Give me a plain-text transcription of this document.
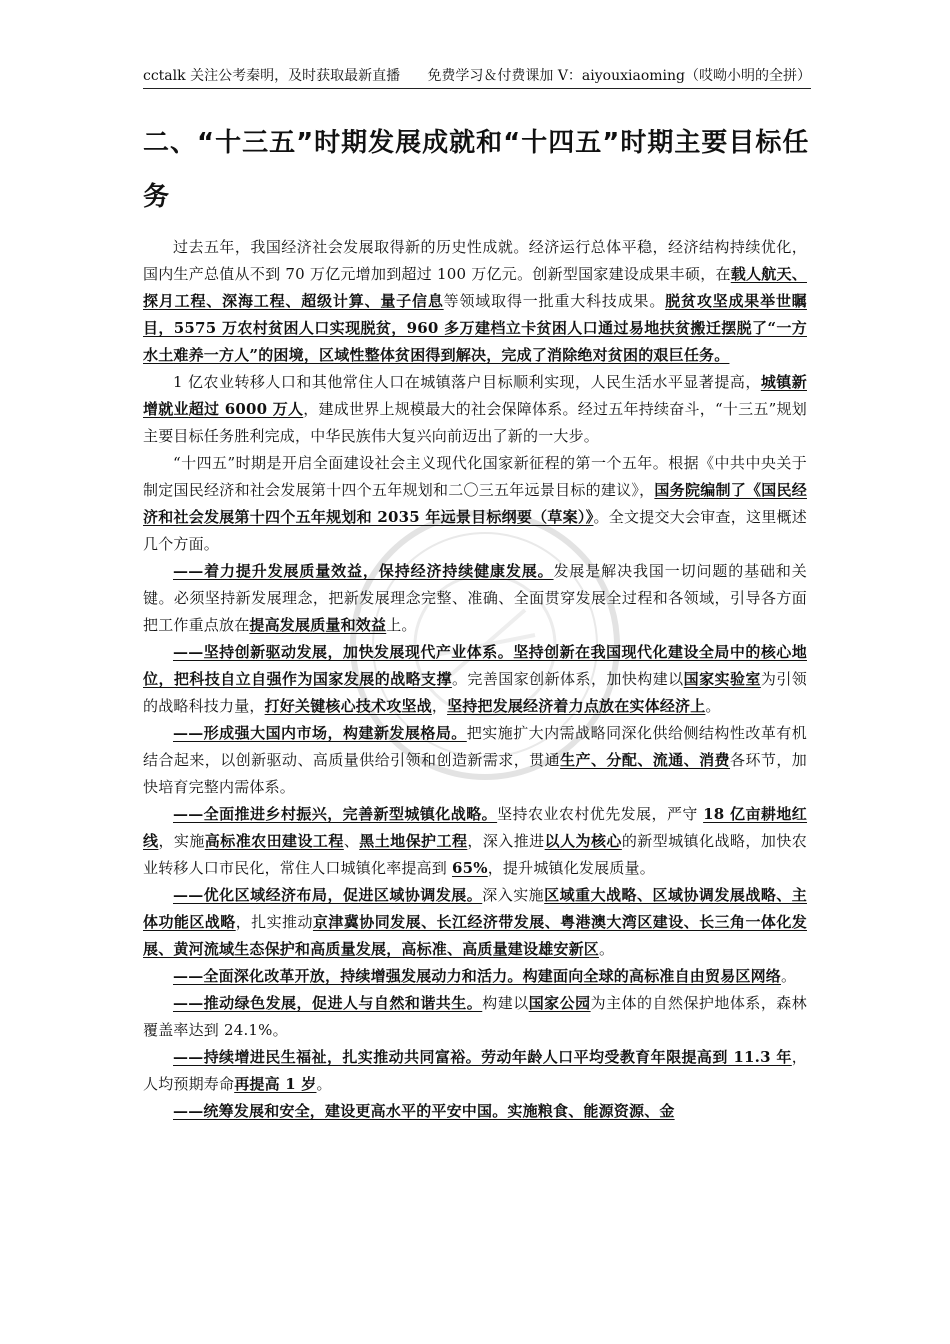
cctalk 关注公考秦明，及时获取最新直播 免费学习＆付费课加 V：aiyouxiaoming（哎呦小明的全拼）
二、“十三五”时期发展成就和“十四五”时期主要目标任务

过去五年，我国经济社会发展取得新的历史性成就。经济运行总体平稳，经济结构持续优化，国内生产总值从不到 70 万亿元增加到超过 100 万亿元。创新型国家建设成果丰硕，在载人航天、探月工程、深海工程、超级计算、量子信息等领域取得一批重大科技成果。脱贫攻坚成果举世瞩目，5575 万农村贫困人口实现脱贫，960 多万建档立卡贫困人口通过易地扶贫搬迁摆脱了“一方水土难养一方人”的困境，区域性整体贫困得到解决，完成了消除绝对贫困的艰巨任务。

1 亿农业转移人口和其他常住人口在城镇落户目标顺利实现，人民生活水平显著提高，城镇新增就业超过 6000 万人，建成世界上规模最大的社会保障体系。经过五年持续奋斗，“十三五”规划主要目标任务胜利完成，中华民族伟大复兴向前迈出了新的一大步。

“十四五”时期是开启全面建设社会主义现代化国家新征程的第一个五年。根据《中共中央关于制定国民经济和社会发展第十四个五年规划和二〇三五年远景目标的建议》，国务院编制了《国民经济和社会发展第十四个五年规划和 2035 年远景目标纲要（草案）》。全文提交大会审查，这里概述几个方面。

——着力提升发展质量效益，保持经济持续健康发展。发展是解决我国一切问题的基础和关键。必须坚持新发展理念，把新发展理念完整、准确、全面贯穿发展全过程和各领域，引导各方面把工作重点放在提高发展质量和效益上。

——坚持创新驱动发展，加快发展现代产业体系。坚持创新在我国现代化建设全局中的核心地位，把科技自立自强作为国家发展的战略支撑。完善国家创新体系，加快构建以国家实验室为引领的战略科技力量，打好关键核心技术攻坚战，坚持把发展经济着力点放在实体经济上。

——形成强大国内市场，构建新发展格局。把实施扩大内需战略同深化供给侧结构性改革有机结合起来，以创新驱动、高质量供给引领和创造新需求，贯通生产、分配、流通、消费各环节，加快培育完整内需体系。

——全面推进乡村振兴，完善新型城镇化战略。坚持农业农村优先发展，严守 18 亿亩耕地红线，实施高标准农田建设工程、黑土地保护工程，深入推进以人为核心的新型城镇化战略，加快农业转移人口市民化，常住人口城镇化率提高到 65%，提升城镇化发展质量。

——优化区域经济布局，促进区域协调发展。深入实施区域重大战略、区域协调发展战略、主体功能区战略，扎实推动京津冀协同发展、长江经济带发展、粤港澳大湾区建设、长三角一体化发展、黄河流域生态保护和高质量发展，高标准、高质量建设雄安新区。

——全面深化改革开放，持续增强发展动力和活力。构建面向全球的高标准自由贸易区网络。

——推动绿色发展，促进人与自然和谐共生。构建以国家公园为主体的自然保护地体系，森林覆盖率达到 24.1%。

——持续增进民生福祉，扎实推动共同富裕。劳动年龄人口平均受教育年限提高到 11.3 年，人均预期寿命再提高 1 岁。

——统筹发展和安全，建设更高水平的平安中国。实施粮食、能源资源、金
